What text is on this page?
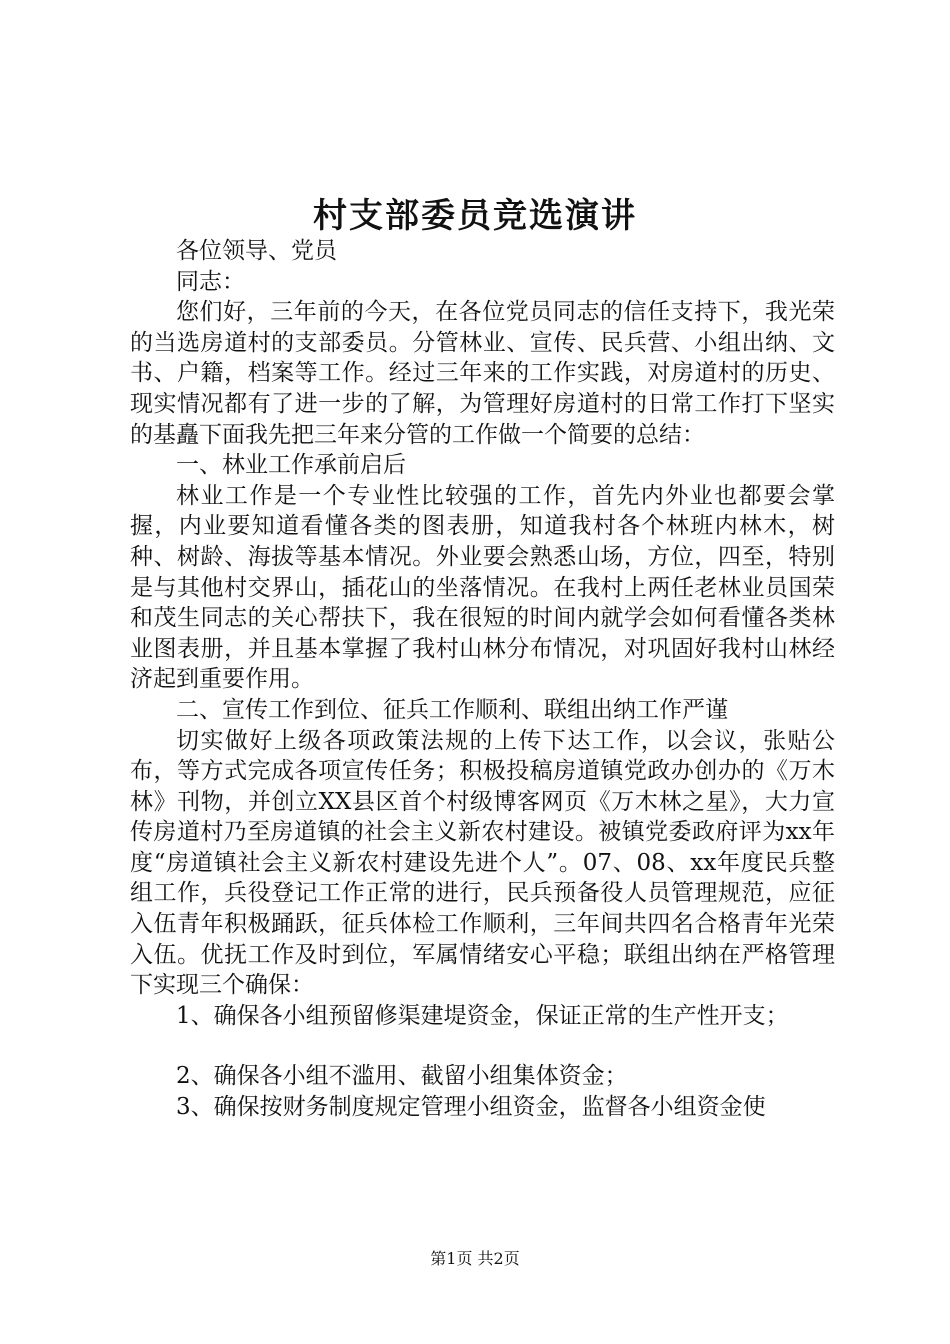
村支部委员竞选演讲

各位领导、党员

同志：

您们好，三年前的今天，在各位党员同志的信任支持下，我光荣的当选房道村的支部委员。分管林业、宣传、民兵营、小组出纳、文书、户籍，档案等工作。经过三年来的工作实践，对房道村的历史、现实情况都有了进一步的了解，为管理好房道村的日常工作打下坚实的基矗下面我先把三年来分管的工作做一个简要的总结：

一、林业工作承前启后

林业工作是一个专业性比较强的工作，首先内外业也都要会掌握，内业要知道看懂各类的图表册，知道我村各个林班内林木，树种、树龄、海拔等基本情况。外业要会熟悉山场，方位，四至，特别是与其他村交界山，插花山的坐落情况。在我村上两任老林业员国荣和茂生同志的关心帮扶下，我在很短的时间内就学会如何看懂各类林业图表册，并且基本掌握了我村山林分布情况，对巩固好我村山林经济起到重要作用。

二、宣传工作到位、征兵工作顺利、联组出纳工作严谨

切实做好上级各项政策法规的上传下达工作，以会议，张贴公布，等方式完成各项宣传任务；积极投稿房道镇党政办创办的《万木林》刊物，并创立XX县区首个村级博客网页《万木林之星》，大力宣传房道村乃至房道镇的社会主义新农村建设。被镇党委政府评为xx年度“房道镇社会主义新农村建设先进个人”。07、08、xx年度民兵整组工作，兵役登记工作正常的进行，民兵预备役人员管理规范，应征入伍青年积极踊跃，征兵体检工作顺利，三年间共四名合格青年光荣入伍。优抚工作及时到位，军属情绪安心平稳；联组出纳在严格管理下实现三个确保：

1、确保各小组预留修渠建堤资金，保证正常的生产性开支；

2、确保各小组不滥用、截留小组集体资金；

3、确保按财务制度规定管理小组资金，监督各小组资金使

第1页 共2页
